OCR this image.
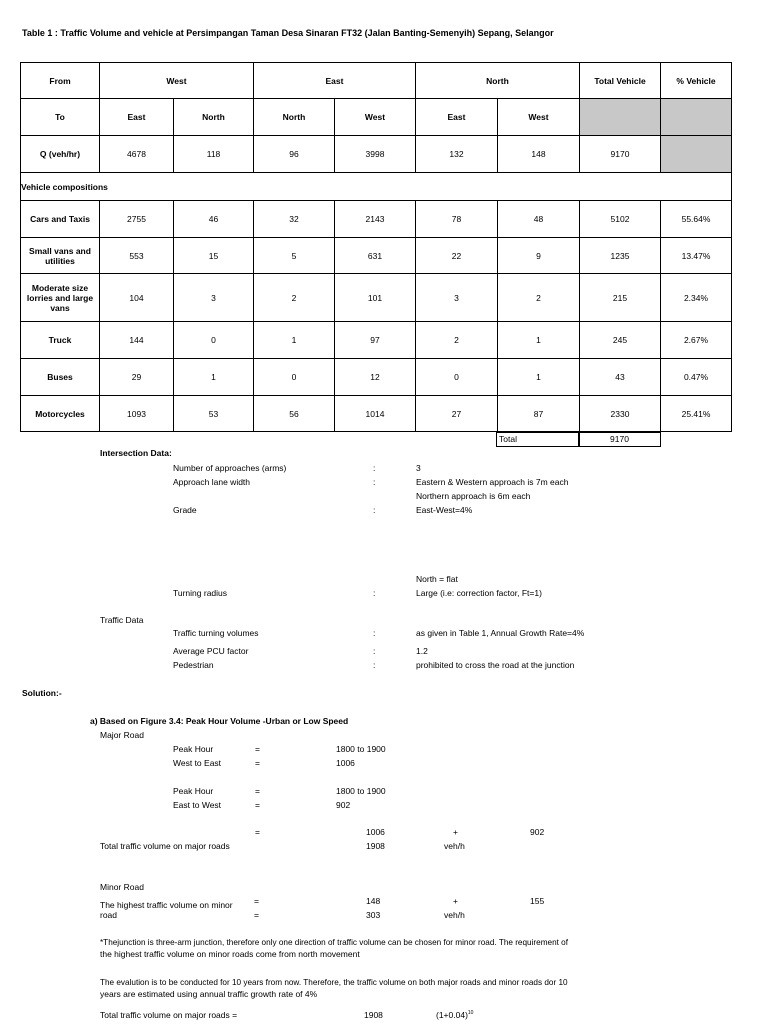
Table 1 : Traffic Volume and vehicle at Persimpangan Taman Desa Sinaran FT32 (Jalan Banting-Semenyih) Sepang, Selangor
From	West		East		North		Total Vehicle	% Vehicle
To	East	North	North	West	East	West		
Q (veh/hr)	4678	118	96	3998	132	148	9170	
Vehicle compositions								
Cars and Taxis	2755	46	32	2143	78	48	5102	55.64%
Small vans and utilities	553	15	5	631	22	9	1235	13.47%
Moderate size lorries and large vans	104	3	2	101	3	2	215	2.34%
Truck	144	0	1	97	2	1	245	2.67%
Buses	29	1	0	12	0	1	43	0.47%
Motorcycles	1093	53	56	1014	27	87	2330	25.41%
Total	9170
Intersection Data:
Number of approaches (arms)	:	3
Approach lane width	:	Eastern & Western approach is 7m each
Northern approach is 6m each
Grade	:	East-West=4%
North = flat
Turning radius	:	Large (i.e: correction factor, Ft=1)
Traffic Data
Traffic turning volumes	:	as given in Table 1, Annual Growth Rate=4%
Average PCU factor	:	1.2
Pedestrian	:	prohibited to cross the road at the junction
Solution:-
a) Based on Figure 3.4: Peak Hour Volume -Urban or Low Speed
Major Road
Peak Hour	=	1800 to 1900
West to East	=	1006
Peak Hour	=	1800 to 1900
East to West	=	902
=	1006	+	902
Total traffic volume on major roads	1908	veh/h
Minor Road
The highest traffic volume on minor
road
=	148	+	155
=	303	veh/h
*Thejunction is three-arm junction, therefore only one direction of traffic volume can be chosen for minor road. The requirement of
the highest traffic volume on minor roads come from north movement
The evalution is to be conducted for 10 years from now. Therefore, the traffic volume on both major roads and minor roads dor 10
years are estimated using annual traffic growth rate of 4%
Total traffic volume on major roads =	1908	$(1+0.04)^{10}$
